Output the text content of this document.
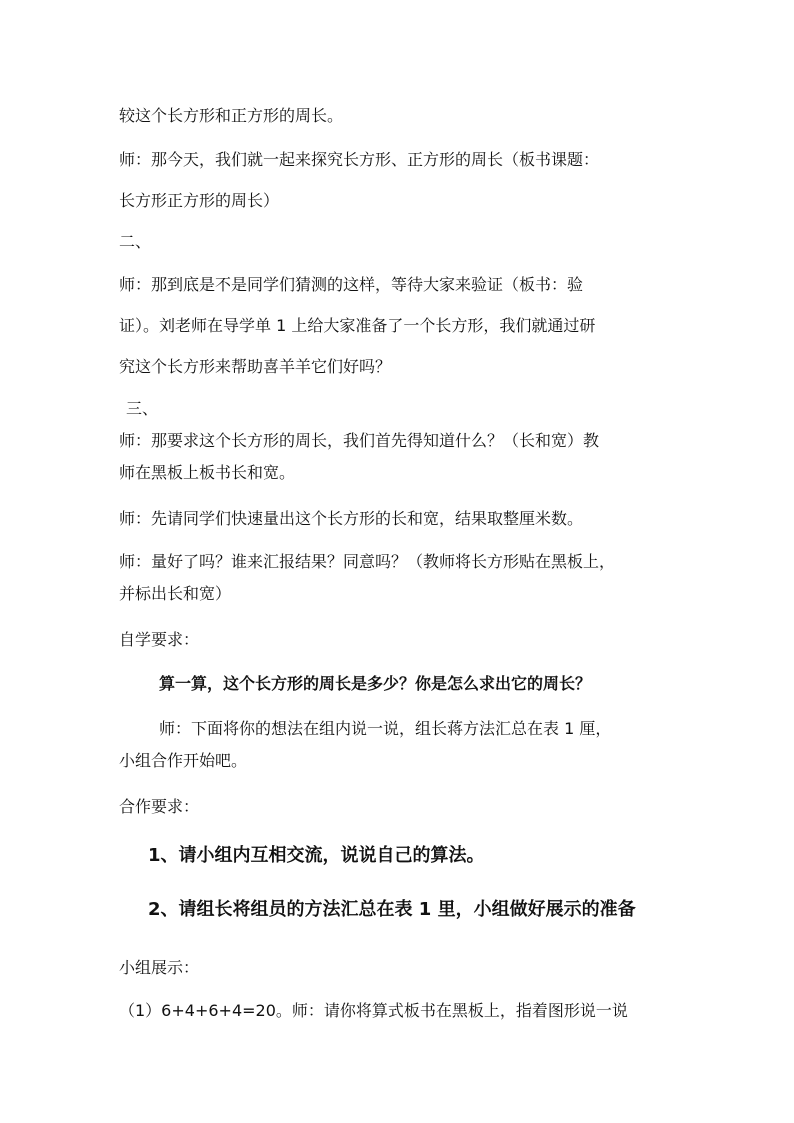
较这个长方形和正方形的周长。

师：那今天，我们就一起来探究长方形、正方形的周长（板书课题：

长方形正方形的周长）

二、

师：那到底是不是同学们猜测的这样，等待大家来验证（板书：验

证）。刘老师在导学单 1 上给大家准备了一个长方形，我们就通过研

究这个长方形来帮助喜羊羊它们好吗？

三、

师：那要求这个长方形的周长，我们首先得知道什么？（长和宽）教

师在黑板上板书长和宽。

师：先请同学们快速量出这个长方形的长和宽，结果取整厘米数。

师：量好了吗？谁来汇报结果？同意吗？（教师将长方形贴在黑板上，

并标出长和宽）

自学要求：

算一算，这个长方形的周长是多少？你是怎么求出它的周长？

师：下面将你的想法在组内说一说，组长蒋方法汇总在表 1 厘，

小组合作开始吧。

合作要求：

1、请小组内互相交流，说说自己的算法。

2、请组长将组员的方法汇总在表 1 里，小组做好展示的准备

小组展示：

（1）6+4+6+4=20。师：请你将算式板书在黑板上，指着图形说一说
